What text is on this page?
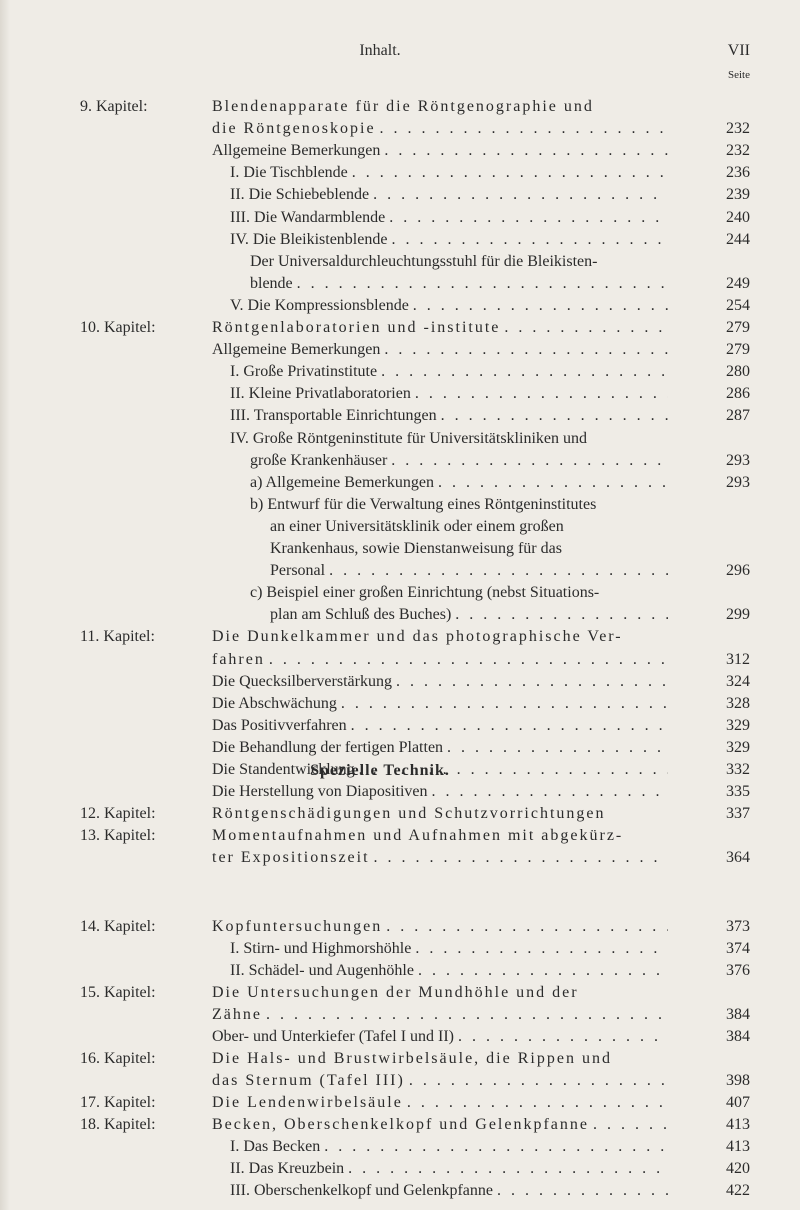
Inhalt.	VII
Seite
Spezielle Technik.
9. Kapitel:	Blendenapparate für die Röntgenographie und
die Röntgenoskopie . . .	232
Allgemeine Bemerkungen . . .	232
I. Die Tischblende . . .	236
II. Die Schiebeblende . . .	239
III. Die Wandarmblende . . .	240
IV. Die Bleikistenblende . . .	244
Der Universaldurchleuchtungsstuhl für die Bleikisten-
blende . . .	249
V. Die Kompressionsblende . . .	254
10. Kapitel:	Röntgenlaboratorien und -institute . . .	279
Allgemeine Bemerkungen . . .	279
I. Große Privatinstitute . . .	280
II. Kleine Privatlaboratorien . . .	286
III. Transportable Einrichtungen . . .	287
IV. Große Röntgeninstitute für Universitätskliniken und
große Krankenhäuser . . .	293
a) Allgemeine Bemerkungen . . .	293
b) Entwurf für die Verwaltung eines Röntgeninstitutes
an einer Universitätsklinik oder einem großen
Krankenhaus, sowie Dienstanweisung für das
Personal . . .	296
c) Beispiel einer großen Einrichtung (nebst Situations-
plan am Schluß des Buches) . . .	299
11. Kapitel:	Die Dunkelkammer und das photographische Ver-
fahren . . .	312
Die Quecksilberverstärkung . . .	324
Die Abschwächung . . .	328
Das Positivverfahren . . .	329
Die Behandlung der fertigen Platten . . .	329
Die Standentwicklung . . .	332
Die Herstellung von Diapositiven . . .	335
12. Kapitel:	Röntgenschädigungen und Schutzvorrichtungen	337
13. Kapitel:	Momentaufnahmen und Aufnahmen mit abgekürz-
ter Expositionszeit . . .	364
14. Kapitel:	Kopfuntersuchungen . . .	373
I. Stirn- und Highmorshöhle . . .	374
II. Schädel- und Augenhöhle . . .	376
15. Kapitel:	Die Untersuchungen der Mundhöhle und der
Zähne . . .	384
Ober- und Unterkiefer (Tafel I und II) . . .	384
16. Kapitel:	Die Hals- und Brustwirbelsäule, die Rippen und
das Sternum (Tafel III) . . .	398
17. Kapitel:	Die Lendenwirbelsäule . . .	407
18. Kapitel:	Becken, Oberschenkelkopf und Gelenkpfanne . . .	413
I. Das Becken . . .	413
II. Das Kreuzbein . . .	420
III. Oberschenkelkopf und Gelenkpfanne . . .	422
